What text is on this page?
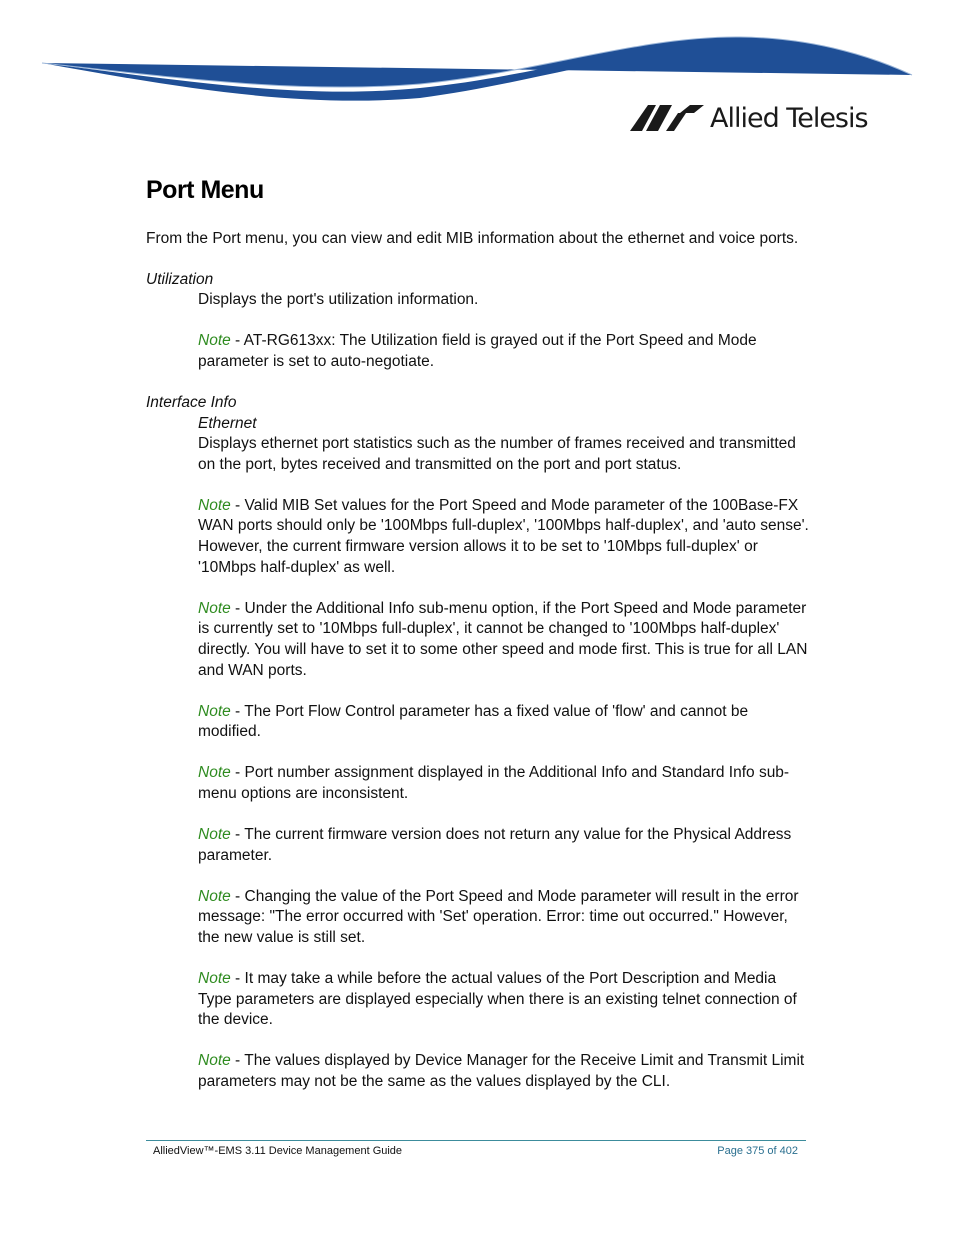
Allied Telesis
Port Menu

From the Port menu, you can view and edit MIB information about the ethernet and voice ports.

Utilization

Displays the port's utilization information.

Note - AT-RG613xx: The Utilization field is grayed out if the Port Speed and Mode parameter is set to auto-negotiate.

Interface Info

Ethernet

Displays ethernet port statistics such as the number of frames received and transmitted on the port, bytes received and transmitted on the port and port status.

Note - Valid MIB Set values for the Port Speed and Mode parameter of the 100Base-FX WAN ports should only be '100Mbps full-duplex', '100Mbps half-duplex', and 'auto sense'. However, the current firmware version allows it to be set to '10Mbps full-duplex' or '10Mbps half-duplex' as well.

Note - Under the Additional Info sub-menu option, if the Port Speed and Mode parameter is currently set to '10Mbps full-duplex', it cannot be changed to '100Mbps half-duplex' directly. You will have to set it to some other speed and mode first. This is true for all LAN and WAN ports.

Note - The Port Flow Control parameter has a fixed value of 'flow' and cannot be modified.

Note - Port number assignment displayed in the Additional Info and Standard Info sub-menu options are inconsistent.

Note - The current firmware version does not return any value for the Physical Address parameter.

Note - Changing the value of the Port Speed and Mode parameter will result in the error message: "The error occurred with 'Set' operation. Error: time out occurred." However, the new value is still set.

Note - It may take a while before the actual values of the Port Description and Media Type parameters are displayed especially when there is an existing telnet connection of the device.

Note - The values displayed by Device Manager for the Receive Limit and Transmit Limit parameters may not be the same as the values displayed by the CLI.

AlliedView™-EMS 3.11 Device Management Guide	Page 375 of 402
